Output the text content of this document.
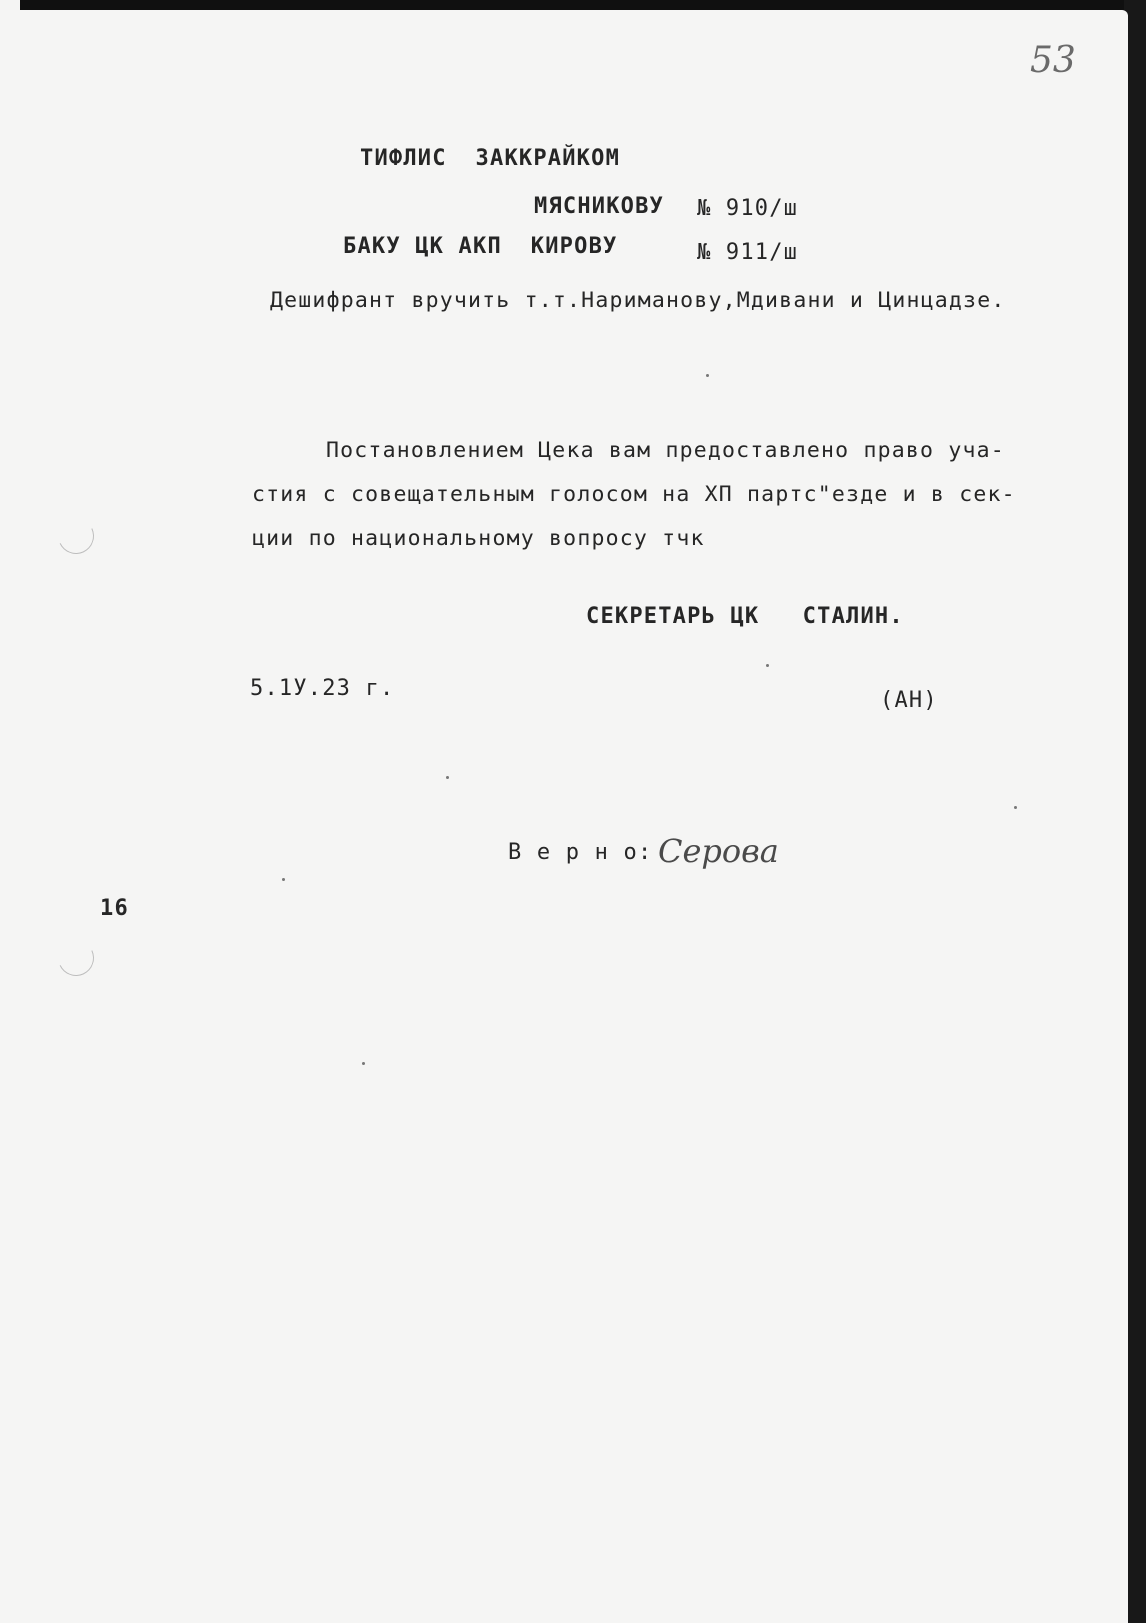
53
ТИФЛИС  ЗАККРАЙКОМ
МЯСНИКОВУ № 910/ш
БАКУ ЦК АКП  КИРОВУ	№ 911/ш
Дешифрант вручить т.т.Нариманову,Мдивани и Цинцадзе.
Постановлением Цека вам предоставлено право уча-
стия с совещательным голосом на ХП партс"езде и в сек-
ции по национальному вопросу тчк
СЕКРЕТАРЬ ЦК   СТАЛИН.
5.1У.23 г.	(АН)
В е р н о: Серова
16
